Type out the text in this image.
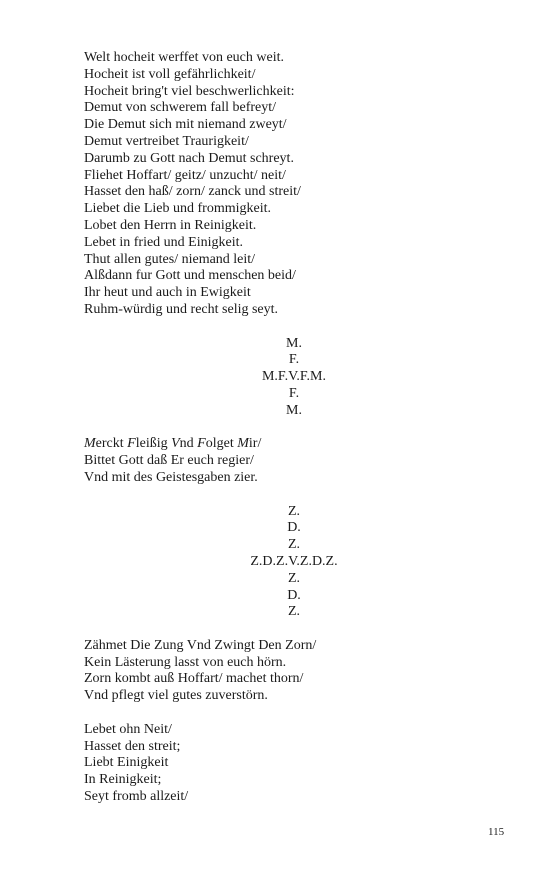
Welt hocheit werffet von euch weit.
Hocheit ist voll gefährlichkeit/
Hocheit bring't viel beschwerlichkeit:
Demut von schwerem fall befreyt/
Die Demut sich mit niemand zweyt/
Demut vertreibet Traurigkeit/
Darumb zu Gott nach Demut schreyt.
Fliehet Hoffart/ geitz/ unzucht/ neit/
Hasset den haß/ zorn/ zanck und streit/
Liebet die Lieb und frommigkeit.
Lobet den Herrn in Reinigkeit.
Lebet in fried und Einigkeit.
Thut allen gutes/ niemand leit/
Alßdann fur Gott und menschen beid/
Ihr heut und auch in Ewigkeit
Ruhm-würdig und recht selig seyt.
M.
F.
M.F.V.F.M.
F.
M.
Merckt Fleißig Vnd Folget Mir/
Bittet Gott daß Er euch regier/
Vnd mit des Geistesgaben zier.
Z.
D.
Z.
Z.D.Z.V.Z.D.Z.
Z.
D.
Z.
Zähmet Die Zung Vnd Zwingt Den Zorn/
Kein Lästerung lasst von euch hörn.
Zorn kombt auß Hoffart/ machet thorn/
Vnd pflegt viel gutes zuverstörn.
Lebet ohn Neit/
Hasset den streit;
Liebt Einigkeit
In Reinigkeit;
Seyt fromb allzeit/
115
